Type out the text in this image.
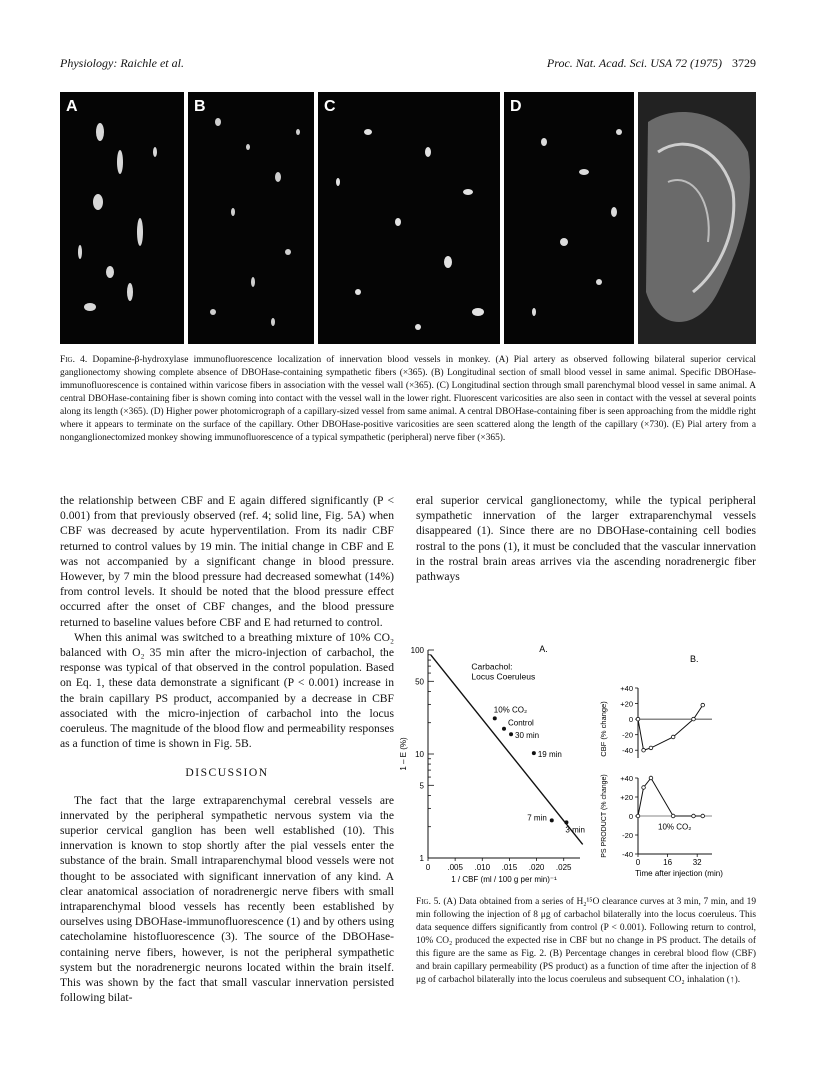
Physiology: Raichle et al.	Proc. Nat. Acad. Sci. USA 72 (1975) 3729
A	B	C	D
Fig. 4. Dopamine-β-hydroxylase immunofluorescence localization of innervation blood vessels in monkey. (A) Pial artery as observed following bilateral superior cervical ganglionectomy showing complete absence of DBOHase-containing sympathetic fibers (×365). (B) Longitudinal section of small blood vessel in same animal. Specific DBOHase-immunofluorescence is contained within varicose fibers in association with the vessel wall (×365). (C) Longitudinal section through small parenchymal blood vessel in same animal. A central DBOHase-containing fiber is shown coming into contact with the vessel wall in the lower right. Fluorescent varicosities are also seen in contact with the vessel at several points along its length (×365). (D) Higher power photomicrograph of a capillary-sized vessel from same animal. A central DBOHase-containing fiber is seen approaching from the middle right where it appears to terminate on the surface of the capillary. Other DBOHase-positive varicosities are seen scattered along the length of the capillary (×730). (E) Pial artery from a nonganglionectomized monkey showing immunofluorescence of a typical sympathetic (peripheral) nerve fiber (×365).

the relationship between CBF and E again differed significantly (P < 0.001) from that previously observed (ref. 4; solid line, Fig. 5A) when CBF was decreased by acute hyperventilation. From its nadir CBF returned to control values by 19 min. The initial change in CBF and E was not accompanied by a significant change in blood pressure. However, by 7 min the blood pressure had decreased somewhat (14%) from control levels. It should be noted that the blood pressure effect occurred after the onset of CBF changes, and the blood pressure returned to baseline values before CBF and E had returned to control.

When this animal was switched to a breathing mixture of 10% CO₂ balanced with O₂ 35 min after the micro-injection of carbachol, the response was typical of that observed in the control population. Based on Eq. 1, these data demonstrate a significant (P < 0.001) increase in the brain capillary PS product, accompanied by a decrease in CBF associated with the micro-injection of carbachol into the locus coeruleus. The magnitude of the blood flow and permeability responses as a function of time is shown in Fig. 5B.

DISCUSSION

The fact that the large extraparenchymal cerebral vessels are innervated by the peripheral sympathetic nervous system via the superior cervical ganglion has been well established (10). This innervation is known to stop shortly after the pial vessels enter the substance of the brain. Small intraparenchymal blood vessels were not thought to be associated with significant innervation of any kind. A clear anatomical association of noradrenergic nerve fibers with small intraparenchymal blood vessels has recently been established by ourselves using DBOHase-immunofluorescence (1) and by others using catecholamine histofluorescence (3). The source of the DBOHase-containing nerve fibers, however, is not the peripheral sympathetic system but the noradrenergic neurons located within the brain itself. This was shown by the fact that small vascular innervation persisted following bilat-

eral superior cervical ganglionectomy, while the typical peripheral sympathetic innervation of the larger extraparenchymal vessels disappeared (1). Since there are no DBOHase-containing cell bodies rostral to the pons (1), it must be concluded that the vascular innervation in the rostral brain areas arrives via the ascending noradrenergic fiber pathways

1
5
10
50
100
0 .005 .010 .015 .020 .025
1 / CBF (ml / 100 g per min)⁻¹
1 – E (%)
A.
Carbachol:
Locus Coeruleus
10% CO₂
Control
30 min
19 min
7 min
3 min
B.
+40
+20
0
-20
-40
CBF (% change)
+40
+20
0
-20
-40
PS PRODUCT (% change)
0	16	32
Time after injection (min)
10% CO₂
Fig. 5. (A) Data obtained from a series of H₂¹⁵O clearance curves at 3 min, 7 min, and 19 min following the injection of 8 μg of carbachol bilaterally into the locus coeruleus. This data sequence differs significantly from control (P < 0.001). Following return to control, 10% CO₂ produced the expected rise in CBF but no change in PS product. The details of this figure are the same as Fig. 2. (B) Percentage changes in cerebral blood flow (CBF) and brain capillary permeability (PS product) as a function of time after the injection of 8 μg of carbachol bilaterally into the locus coeruleus and subsequent CO₂ inhalation (↑).
